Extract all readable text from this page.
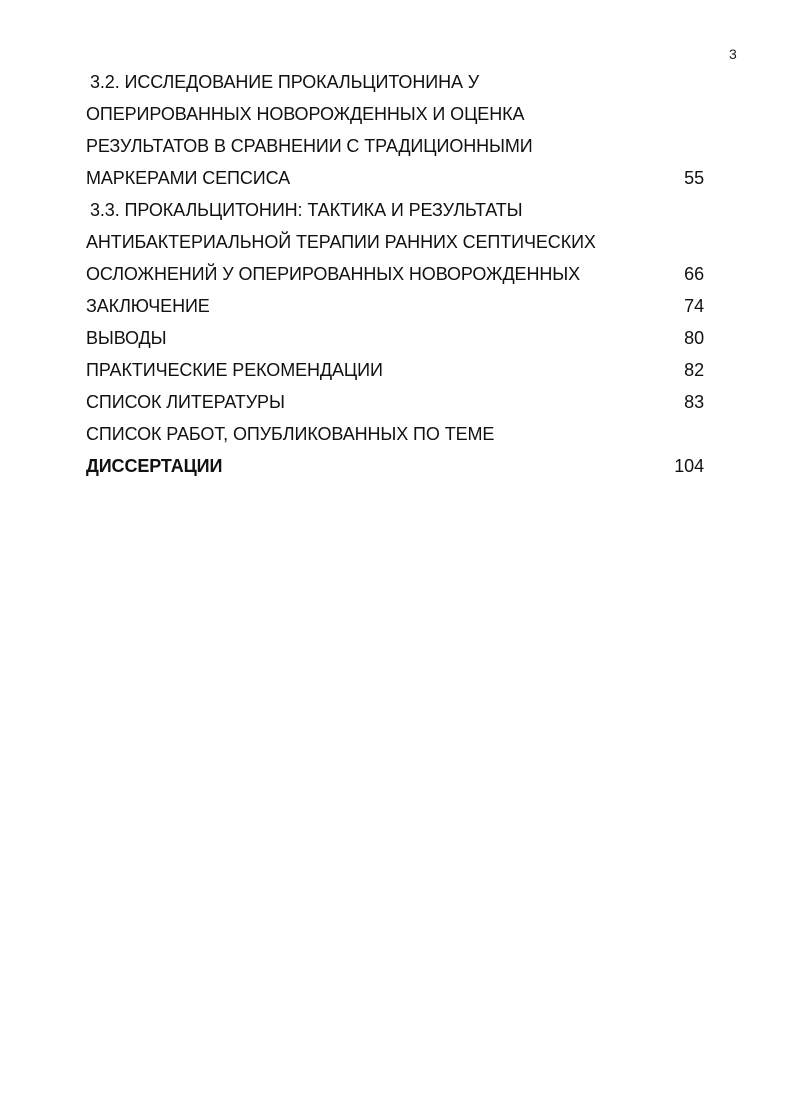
3
3.2. ИССЛЕДОВАНИЕ ПРОКАЛЬЦИТОНИНА У
ОПЕРИРОВАННЫХ НОВОРОЖДЕННЫХ И ОЦЕНКА
РЕЗУЛЬТАТОВ В СРАВНЕНИИ С ТРАДИЦИОННЫМИ
МАРКЕРАМИ СЕПСИСА	55
3.3. ПРОКАЛЬЦИТОНИН: ТАКТИКА И РЕЗУЛЬТАТЫ
АНТИБАКТЕРИАЛЬНОЙ ТЕРАПИИ РАННИХ СЕПТИЧЕСКИХ
ОСЛОЖНЕНИЙ У ОПЕРИРОВАННЫХ НОВОРОЖДЕННЫХ	66
ЗАКЛЮЧЕНИЕ	74
ВЫВОДЫ	80
ПРАКТИЧЕСКИЕ РЕКОМЕНДАЦИИ	82
СПИСОК ЛИТЕРАТУРЫ	83
СПИСОК РАБОТ, ОПУБЛИКОВАННЫХ ПО ТЕМЕ
ДИССЕРТАЦИИ	104
